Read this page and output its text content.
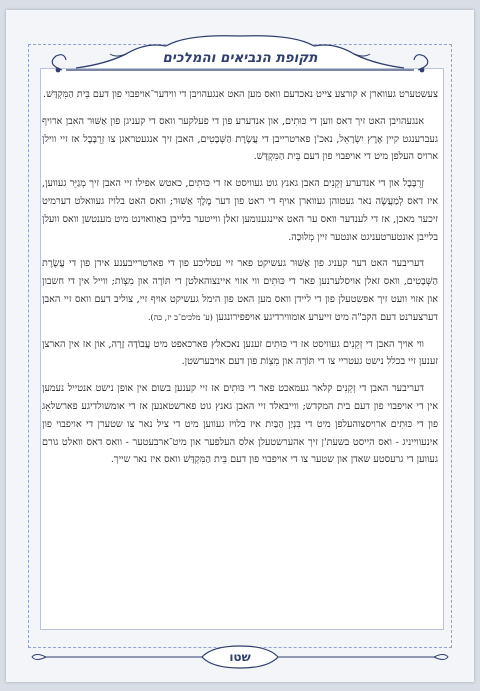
תקופת הנביאים והמלכים
שטו

צעשטערט געווארן א קורצע צייט נאכדעם וואס מען האט אנגעהויבן די ווידער־אויפבוי פון דעם בֵּית הַמִּקְדָּשׁ.

אנגעהויבן האט זיך דאס ווען די כּוּתִים, און אנדערע פון די פעלקער וואס די קעניגן פון אַשּׁוּר האבן ארויף געברענגט קיין אֶרֶץ יִשְׂרָאֵל, נאכ'ן פארטרייבן די עֲשֶׂרֶת הַשְּׁבָטִים, האבן זיך אנגעטראגן צו זְרֻבָּבֶל אז זיי ווילן ארויס העלפן מיט די אויפבוי פון דעם בֵּית הַמִּקְדָּשׁ.

זְרֻבָּבֶל און די אנדערע זְקֵנִים האבן גאנץ גוט געוויסט אז די כּוּתִים, כאטש אפילו זיי האבן זיך מְגַיֵּר געווען, איז דאס לְמַעֲשֶׂה נאר געטוהן געווארן אויף די ראט פון דער מֶלֶךְ אַשּׁוּר; וואס האט בלויז געוואלט דערמיט זיכער מאכן, אז די לענדער וואס ער האט איינגענומען זאלן ווייטער בלייבן באַוואוינט מיט מענטשן וואס וועלן בלייבן אונטערטעניגט אונטער זיין מְלוּכָה.

דעריבער האט דער קעניג פון אַשּׁוּר געשיקט פאר זיי עטליכע פון די פארטרייבענע אידן פון די עֲשֶׂרֶת הַשְּׁבָטִים, וואס זאלן אויסלערנען פאר די כּוּתִים ווי אזוי איינצוהאלטן די תּוֹרָה און מִצְוֹת; ווייל אין די חשבון און אזוי וועט זיך אפשטעלן פון די ליידן וואס מען האט פון הימל געשיקט אויף זיי, צוליב דעם וואס זיי האבן דערצערנט דעם הקב"ה מיט זייערע אומווירדיגע אויפפירונגען (ע' מלכים־ב יז, כה).

ווי אויך האבן די זְקֵנִים געוויסט אז די כּוּתִים זענען נאכאלץ פארכאפט מיט עֲבוֹדָה זָרָה, און אז אין הארצן זענען זיי בכלל נישט געטריי צו די תּוֹרָה און מִצְוֹת פון דעם אויבערשטן.

דעריבער האבן די זְקֵנִים קלאר געמאכט פאר די כּוּתִים אז זיי קענען בשום אין אופן נישט אנטייל נעמען אין די אויפבוי פון דעם בית המקדש; ווייבאלד זיי האבן גאנץ גוט פארשטאנען אז די אומשולדיגע פארשלאָג פון די כּוּתִים ארויסצוהעלפן מיט די בִּנְיַן הַבַּיִת איז בלויז געווען מיט די ציל נאר צו שטערן די אויפבוי פון אינעווייניג - ואס הייסט בשעת'ן זיך אהערשטעלן אלס העלפער און מיט־ארבעטער - וואס דאס וואלט גורם געווען די גרעסטע שאדן און שטער צו די אויפבוי פון דעם בֵּית הַמִּקְדָּשׁ וואס איז נאר שייך.
